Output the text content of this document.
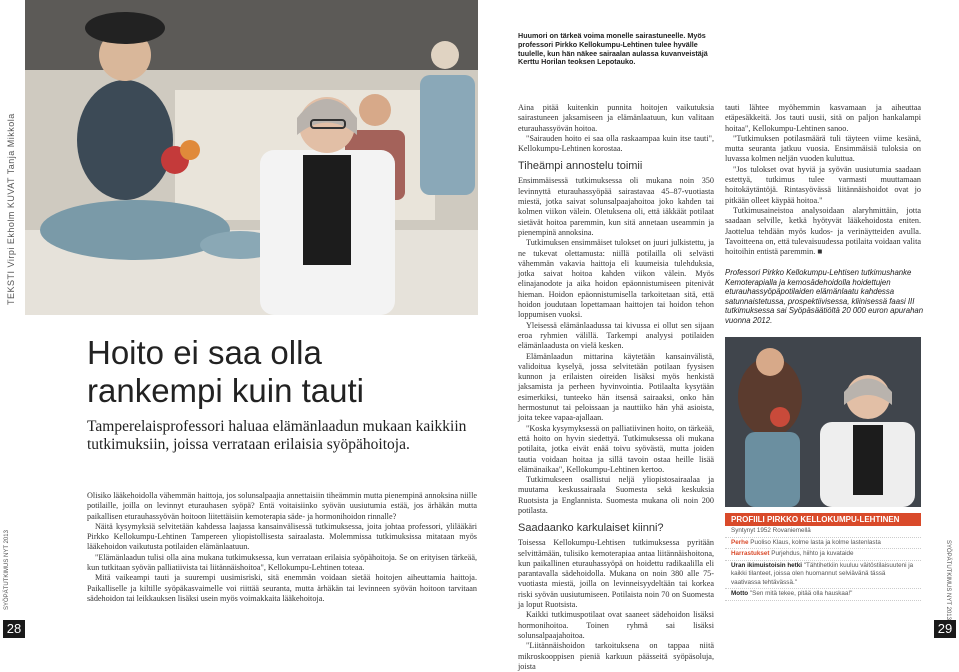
TEKSTI Virpi Ekholm KUVAT Tanja Mikkola
SYÖPÄTUTKIMUS NYT 2013
28
Hoito ei saa olla
rankempi kuin tauti
Tamperelaisprofessori haluaa elämänlaadun mukaan kaikkiin tutkimuksiin, joissa verrataan erilaisia syöpähoitoja.

Olisiko lääkehoidolla vähemmän haittoja, jos solunsalpaajia annettaisiin tiheämmin mutta pienempinä annoksina niille potilaille, joilla on levinnyt eturauhasen syöpä? Entä voitaisiinko syövän uusiutumia estää, jos ärhäkän mutta paikallisen eturauhassyövän hoitoon liitettäisiin kemoterapia säde- ja hormonihoidon rinnalle?

Näitä kysymyksiä selvitetään kahdessa laajassa kansainvälisessä tutkimuksessa, joita johtaa professori, ylilääkäri Pirkko Kellokumpu-Lehtinen Tampereen yliopistollisesta sairaalasta. Molemmissa tutkimuksissa mitataan myös lääkehoidon vaikutusta potilaiden elämänlaatuun.

"Elämänlaadun tulisi olla aina mukana tutkimuksessa, kun verrataan erilaisia syöpähoitoja. Se on erityisen tärkeää, kun tutkitaan syövän palliatiivista tai liitännäishoitoa", Kellokumpu-Lehtinen toteaa.

Mitä vaikeampi tauti ja suurempi uusimisriski, sitä enemmän voidaan sietää hoitojen aiheuttamia haittoja. Paikalliselle ja kiltille syöpäkasvaimelle voi riittää seuranta, mutta ärhäkän tai levinneen syövän hoitoon tarvitaan sädehoidon tai leikkauksen lisäksi usein myös voimakkaita lääkehoitoja.

Huumori on tärkeä voima monelle sairastuneelle. Myös professori Pirkko Kellokumpu-Lehtinen tulee hyvälle tuulelle, kun hän näkee sairaalan aulassa kuvanveistäjä Kerttu Horilan teoksen Lepotauko.

Aina pitää kuitenkin punnita hoitojen vaikutuksia sairastuneen jaksamiseen ja elämänlaatuun, kun valitaan eturauhassyövän hoitoa.

"Sairauden hoito ei saa olla raskaampaa kuin itse tauti", Kellokumpu-Lehtinen korostaa.

Tiheämpi annostelu toimii

Ensimmäisessä tutkimuksessa oli mukana noin 350 levinnyttä eturauhassyöpää sairastavaa 45–87-vuotiasta miestä, jotka saivat solunsalpaajahoitoa joko kahden tai kolmen viikon välein. Oletuksena oli, että iäkkäät potilaat sietävät hoitoa paremmin, kun sitä annetaan useammin ja pienempinä annoksina.

Tutkimuksen ensimmäiset tulokset on juuri julkistettu, ja ne tukevat olettamusta: niillä potilailla oli selvästi vähemmän vakavia haittoja eli kuumeisia tulehduksia, jotka saivat hoitoa kahden viikon välein. Myös elinajanodote ja aika hoidon epäonnistumiseen pitenivät hieman. Hoidon epäonnistumisella tarkoitetaan sitä, että hoidon joudutaan lopettamaan haittojen tai hoidon tehon loppumisen vuoksi.

Yleisessä elämänlaadussa tai kivussa ei ollut sen sijaan eroa ryhmien välillä. Tarkempi analyysi potilaiden elämänlaadusta on vielä kesken.

Elämänlaadun mittarina käytetään kansainvälistä, validoitua kyselyä, jossa selvitetään potilaan fyysisen kunnon ja erilaisten oireiden lisäksi myös henkistä jaksamista ja perheen hyvinvointia. Potilaalta kysytään esimerkiksi, tunteeko hän itsensä sairaaksi, onko hän hermostunut tai peloissaan ja nauttiiko hän yhä asioista, joita tekee vapaa-ajallaan.

"Koska kysymyksessä on palliatiivinen hoito, on tärkeää, että hoito on hyvin siedettyä. Tutkimuksessa oli mukana potilaita, jotka eivät enää toivu syövästä, mutta joiden tautia voidaan hoitaa ja sillä tavoin ostaa heille lisää elämänaikaa", Kellokumpu-Lehtinen kertoo.

Tutkimukseen osallistui neljä yliopistosairaalaa ja muutama keskussairaala Suomesta sekä keskuksia Ruotsista ja Englannista. Suomesta mukana oli noin 200 potilasta.

Saadaanko karkulaiset kiinni?

Toisessa Kellokumpu-Lehtisen tutkimuksessa pyritään selvittämään, tulisiko kemoterapiaa antaa liitännäishoitona, kun paikallinen eturauhassyöpä on hoidettu radikaalilla eli parantavalla sädehoidolla. Mukana on noin 380 alle 75-vuotiasta miestä, joilla on levinneisyydeltään tai korkea riski syövän uusiutumiseen. Potilaista noin 70 on Suomesta ja loput Ruotsista.

Kaikki tutkimuspotilaat ovat saaneet sädehoidon lisäksi hormonihoitoa. Toinen ryhmä sai lisäksi solunsalpaajahoitoa.

"Liitännäishoidon tarkoituksena on tappaa niitä mikroskooppisen pieniä karkuun päässeitä syöpäsoluja, joista

tauti lähtee myöhemmin kasvamaan ja aiheuttaa etäpesäkkeitä. Jos tauti uusii, sitä on paljon hankalampi hoitaa", Kellokumpu-Lehtinen sanoo.

"Tutkimuksen potilasmäärä tuli täyteen viime kesänä, mutta seuranta jatkuu vuosia. Ensimmäisiä tuloksia on luvassa kolmen neljän vuoden kuluttua.

"Jos tulokset ovat hyviä ja syövän uusiutumia saadaan estettyä, tutkimus tulee varmasti muuttamaan hoitokäytäntöjä. Rintasyövässä liitännäishoidot ovat jo pitkään olleet käypää hoitoa."

Tutkimusaineistoa analysoidaan alaryhmittäin, jotta saadaan selville, ketkä hyötyvät lääkehoidosta eniten. Jaottelua tehdään myös kudos- ja verinäytteiden avulla. Tavoitteena on, että tulevaisuudessa potilaita voidaan valita hoitoihin entistä paremmin. ■

Professori Pirkko Kellokumpu-Lehtisen tutkimushanke Kemoterapialla ja kemosädehoidolla hoidettujen eturauhassyöpäpotilaiden elämänlaatu kahdessa satunnaistetussa, prospektiivisessa, kliinisessä faasi III tutkimuksessa sai Syöpäsäätiöltä 20 000 euron apurahan vuonna 2012.
PROFIILI PIRKKO KELLOKUMPU-LEHTINEN
Syntynyt 1952 Rovaniemellä
Perhe Puoliso Klaus, kolme lasta ja kolme lastenlasta
Harrastukset Purjehdus, hiihto ja kuvataide
Uran ikimuistoisin hetki "Tähtihetkiin kuuluu väitöstilaisuuteni ja kaikki tilanteet, joissa olen huomannut selviävänä tässä vaativassa tehtävässä."
Motto "Sen mitä tekee, pitää olla hauskaa!"	SYÖPÄTUTKIMUS NYT 2013
29
